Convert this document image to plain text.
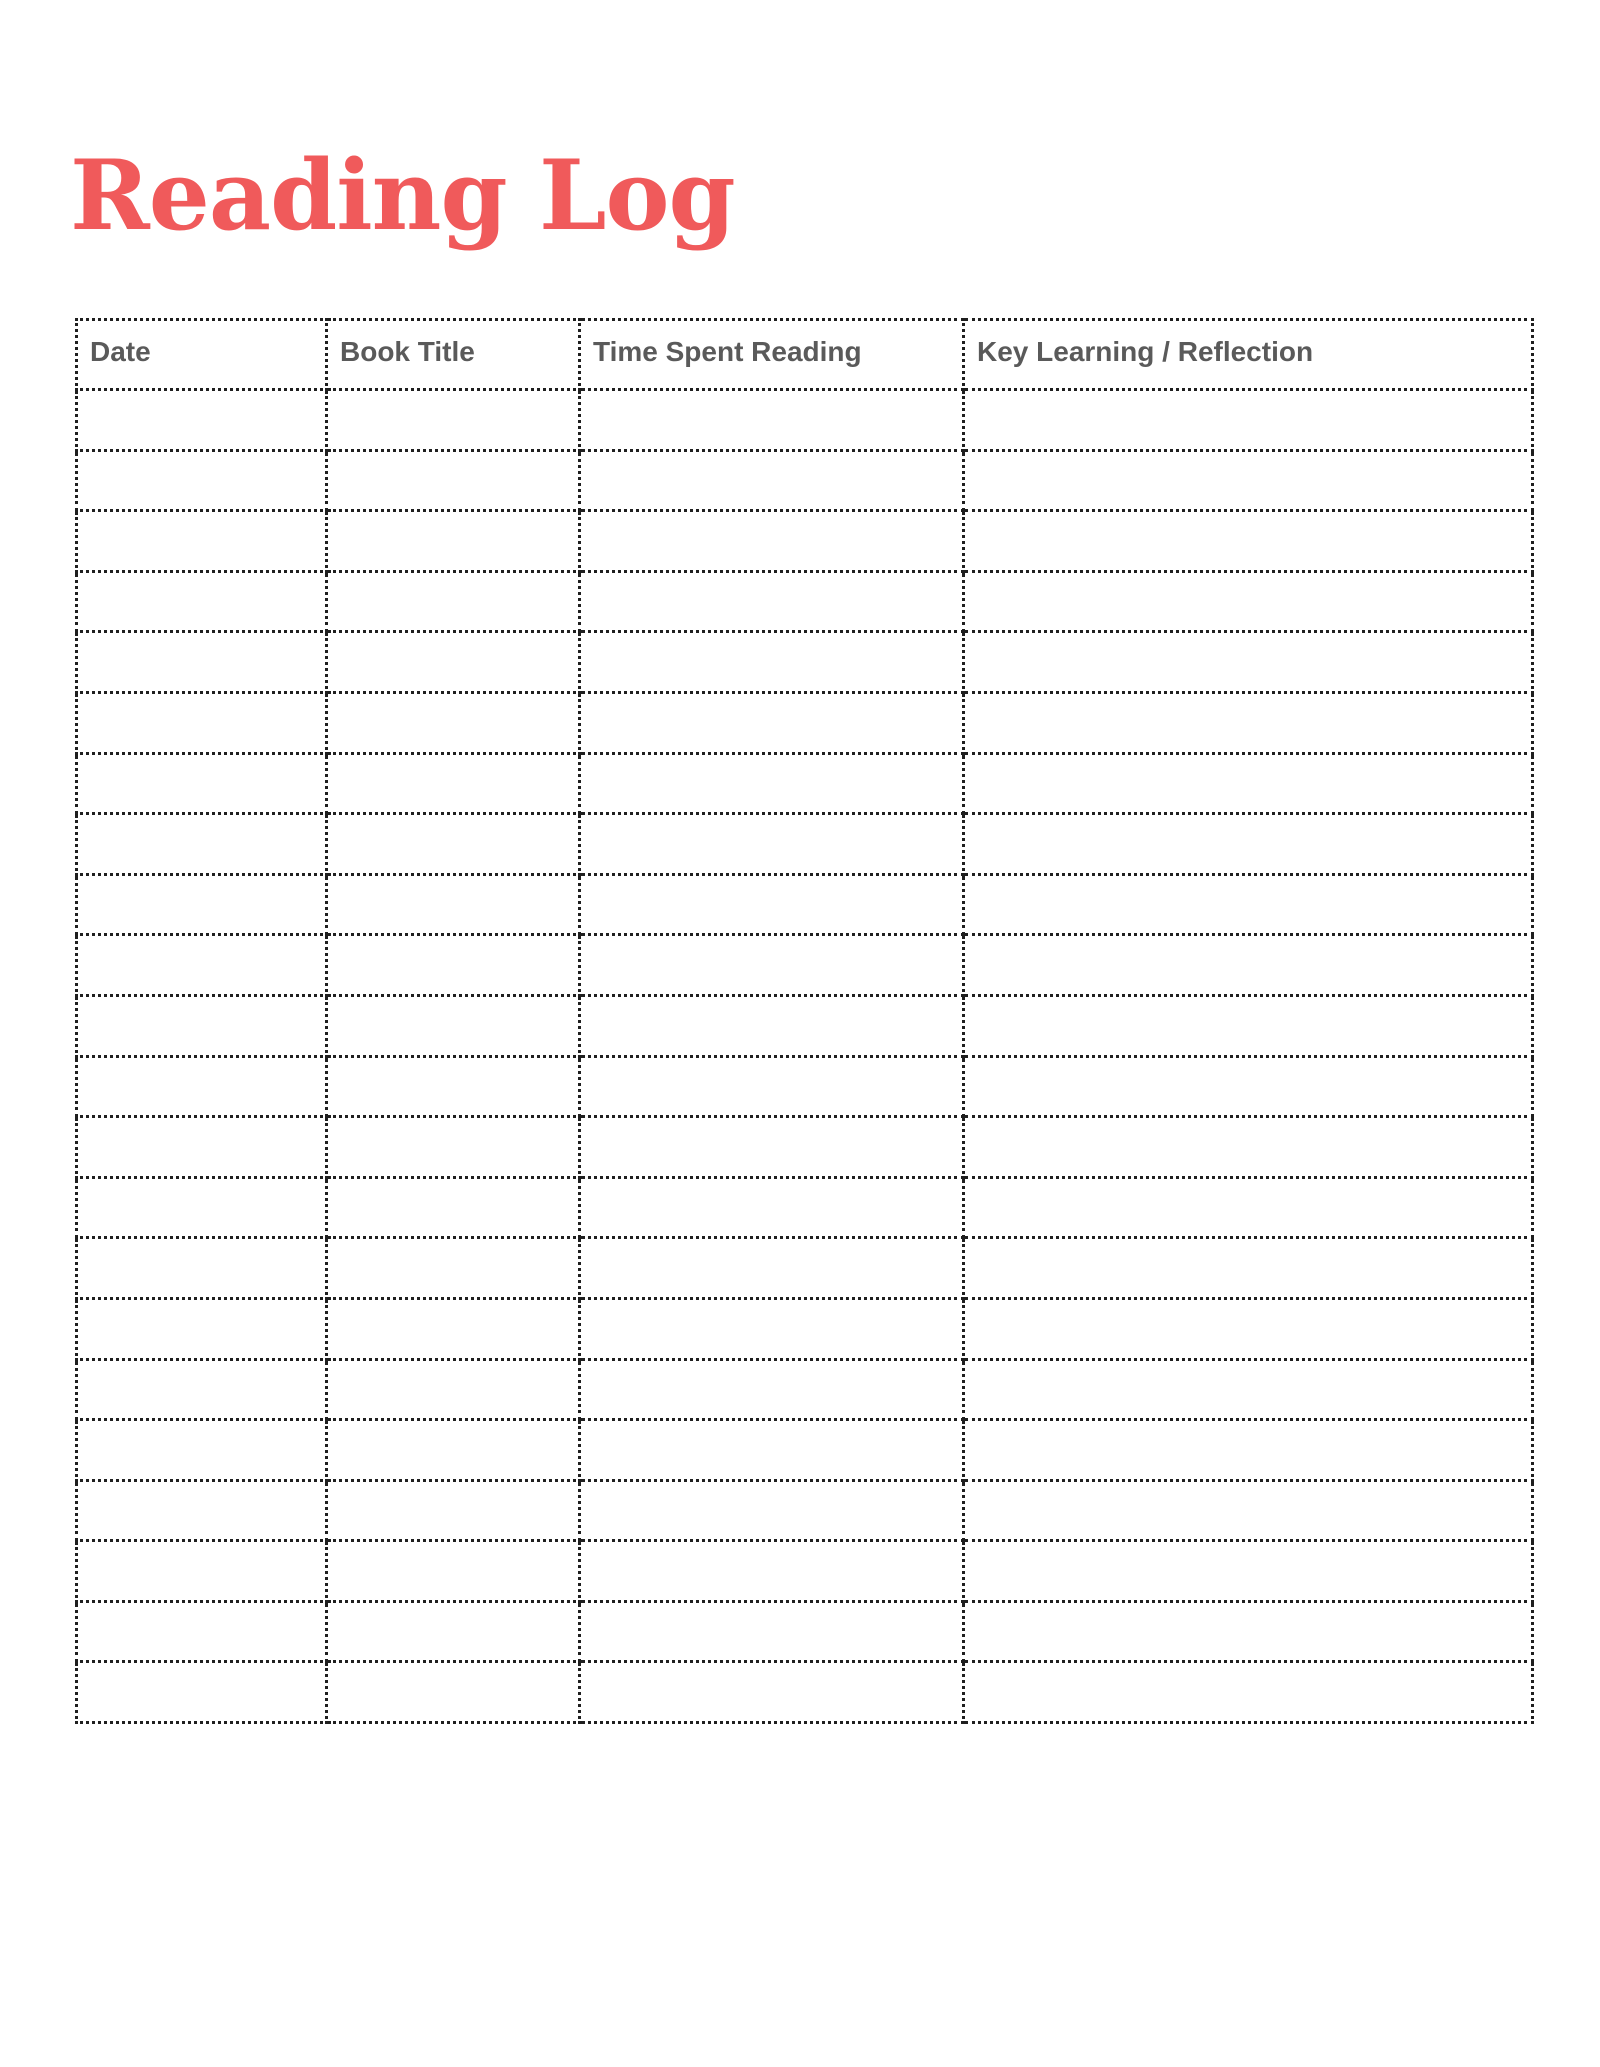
Reading Log
Date	Book Title	Time Spent Reading	Key Learning / Reflection
